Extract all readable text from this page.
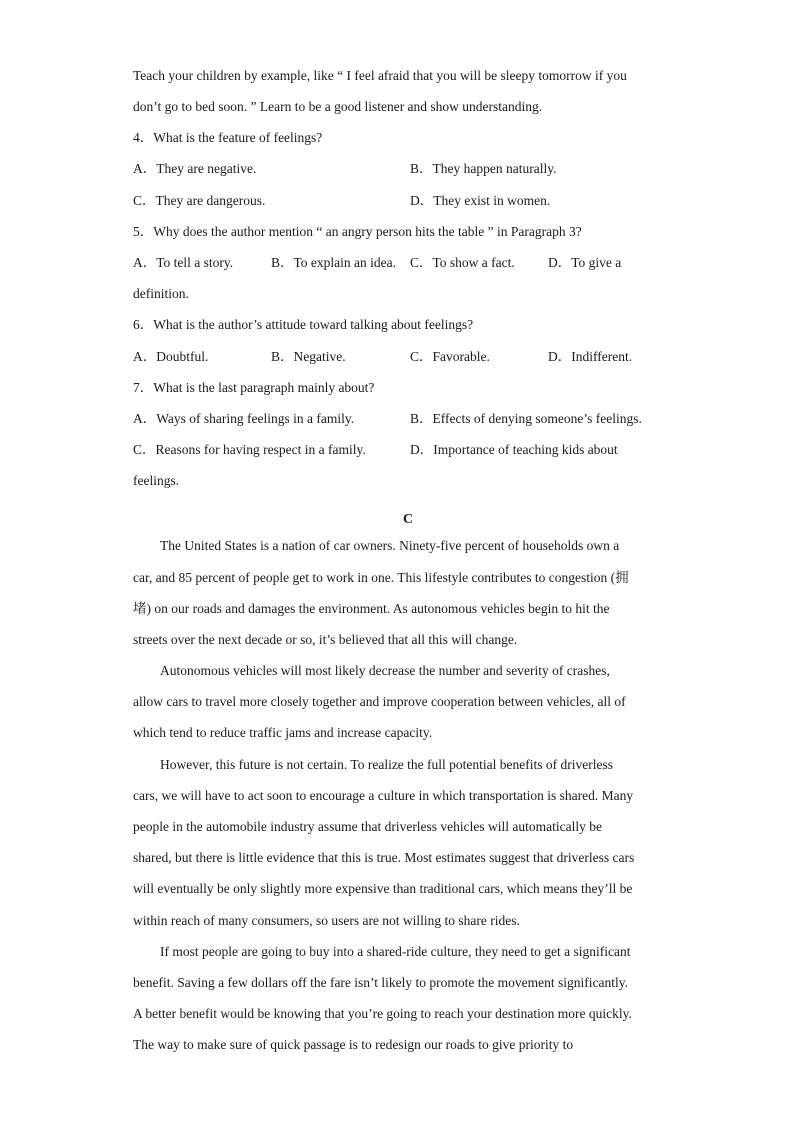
Teach your children by example, like “ I feel afraid that you will be sleepy tomorrow if you
don’t go to bed soon. ” Learn to be a good listener and show understanding.
4．What is the feature of feelings?
A．They are negative.	B．They happen naturally.
C．They are dangerous.	D．They exist in women.
5．Why does the author mention “ an angry person hits the table ” in Paragraph 3?
A．To tell a story.	B．To explain an idea. C．To show a fact. D．To give a
definition.
6．What is the author’s attitude toward talking about feelings?
A．Doubtful.	B．Negative.	C．Favorable.	D．Indifferent.
7．What is the last paragraph mainly about?
A．Ways of sharing feelings in a family.	B．Effects of denying someone’s feelings.
C．Reasons for having respect in a family.	D．Importance of teaching kids about
feelings.
C
The United States is a nation of car owners. Ninety-five percent of households own a
car, and 85 percent of people get to work in one. This lifestyle contributes to congestion (拥
堵) on our roads and damages the environment. As autonomous vehicles begin to hit the
streets over the next decade or so, it’s believed that all this will change.
Autonomous vehicles will most likely decrease the number and severity of crashes,
allow cars to travel more closely together and improve cooperation between vehicles, all of
which tend to reduce traffic jams and increase capacity.
However, this future is not certain. To realize the full potential benefits of driverless
cars, we will have to act soon to encourage a culture in which transportation is shared. Many
people in the automobile industry assume that driverless vehicles will automatically be
shared, but there is little evidence that this is true. Most estimates suggest that driverless cars
will eventually be only slightly more expensive than traditional cars, which means they’ll be
within reach of many consumers, so users are not willing to share rides.
If most people are going to buy into a shared-ride culture, they need to get a significant
benefit. Saving a few dollars off the fare isn’t likely to promote the movement significantly.
A better benefit would be knowing that you’re going to reach your destination more quickly.
The way to make sure of quick passage is to redesign our roads to give priority to
